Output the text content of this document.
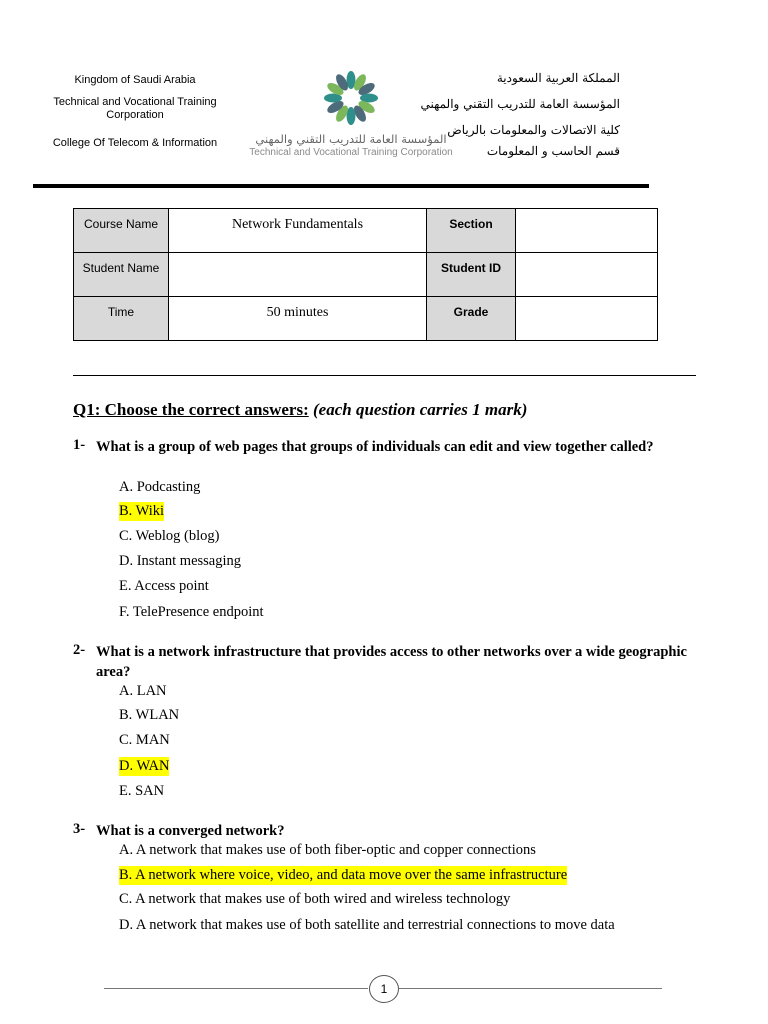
Kingdom of Saudi Arabia
Technical and Vocational Training Corporation
College Of Telecom & Information	المؤسسة العامة للتدريب التقني والمهني
Technical and Vocational Training Corporation
المملكة العربية السعودية
المؤسسة العامة للتدريب التقني والمهني
كلية الاتصالات والمعلومات بالرياض
قسم الحاسب و المعلومات
Course Name	Network Fundamentals	Section	
Student Name		Student ID	
Time	50 minutes	Grade	
Q1: Choose the correct answers: (each question carries 1 mark)
1- What is a group of web pages that groups of individuals can edit and view together called?
A. Podcasting
B. Wiki
C. Weblog (blog)
D. Instant messaging
E. Access point
F. TelePresence endpoint
2- What is a network infrastructure that provides access to other networks over a wide geographic area?
A. LAN
B. WLAN
C. MAN
D. WAN
E. SAN
3- What is a converged network?
A. A network that makes use of both fiber-optic and copper connections
B. A network where voice, video, and data move over the same infrastructure
C. A network that makes use of both wired and wireless technology
D. A network that makes use of both satellite and terrestrial connections to move data
1
